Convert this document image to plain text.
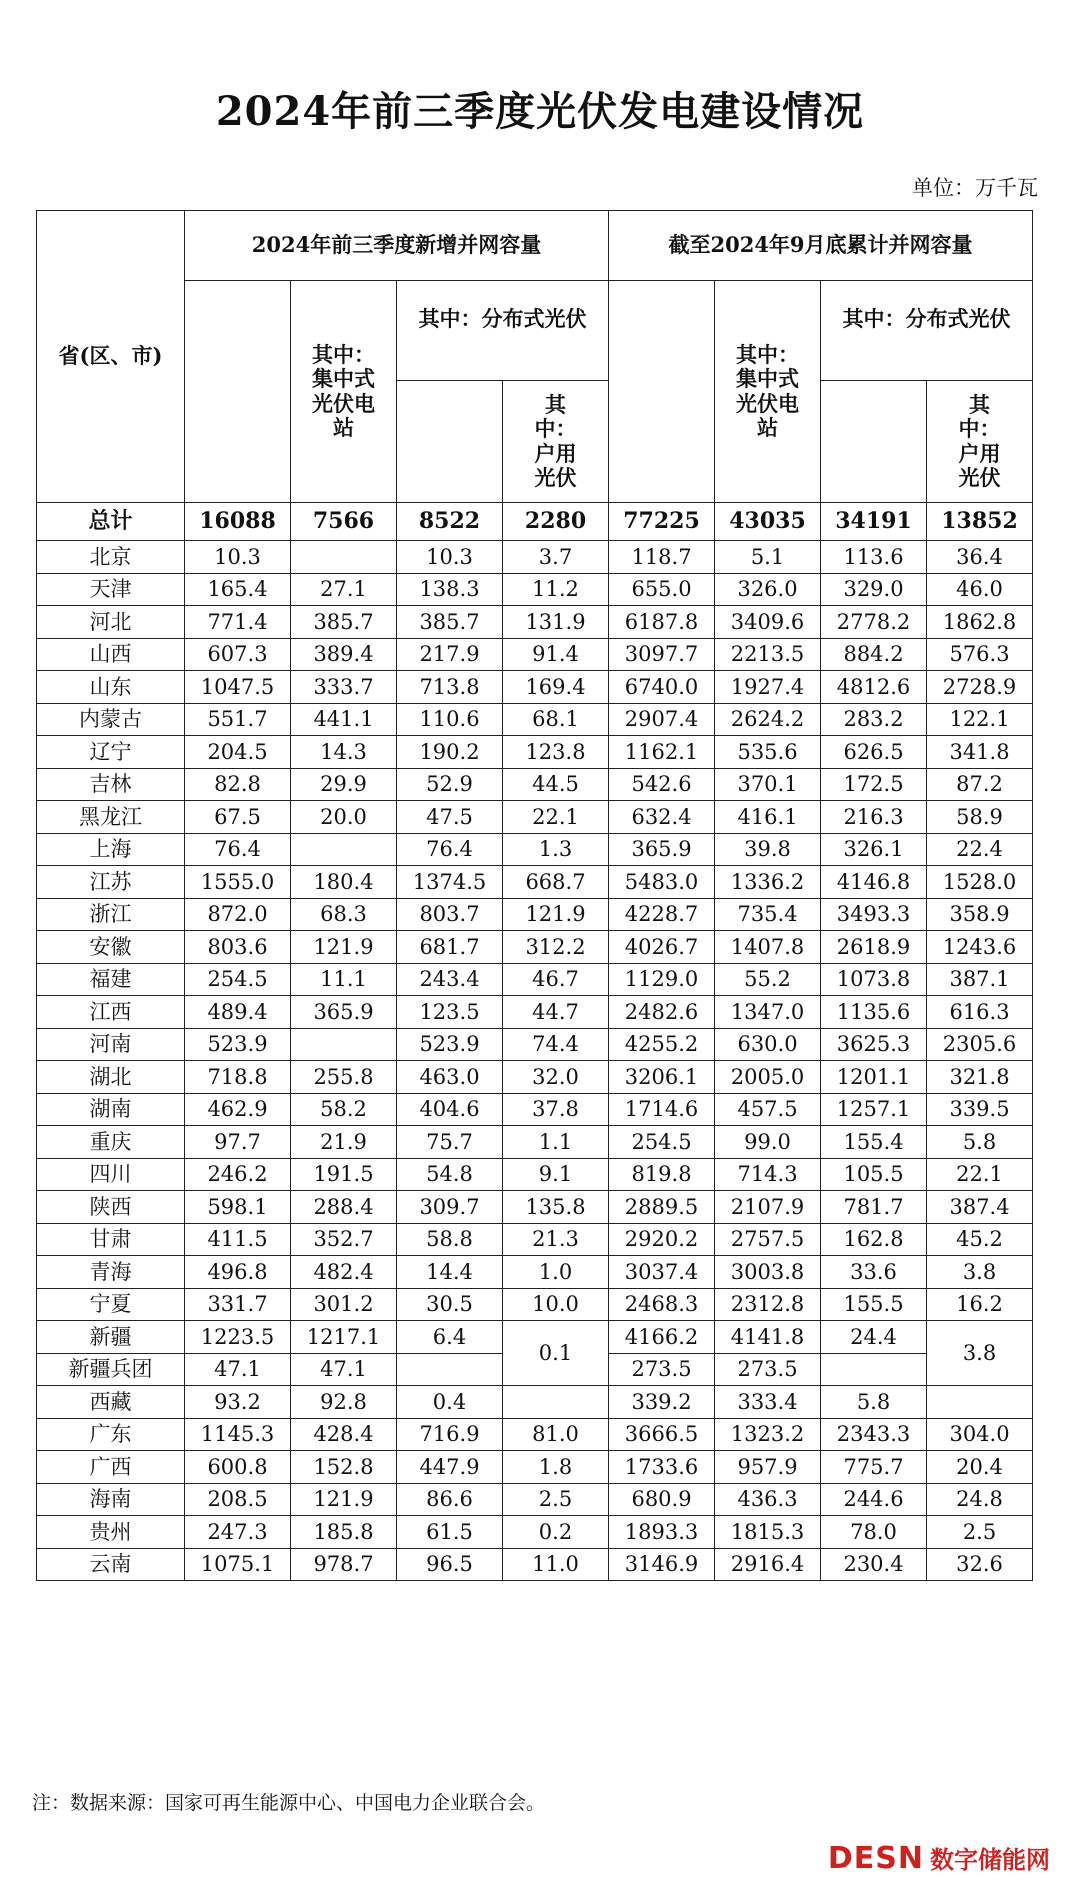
2024年前三季度光伏发电建设情况
单位：万千瓦
省(区、市)	2024年前三季度新增并网容量				截至2024年9月底累计并网容量			

		其中：集中式光伏电站	其中：分布式光伏			其中：集中式光伏电站	其中：分布式光伏	

				其中：户用光伏				其中：户用光伏

总计	16088	7566	8522	2280	77225	43035	34191	13852
北京	10.3		10.3	3.7	118.7	5.1	113.6	36.4
天津	165.4	27.1	138.3	11.2	655.0	326.0	329.0	46.0
河北	771.4	385.7	385.7	131.9	6187.8	3409.6	2778.2	1862.8
山西	607.3	389.4	217.9	91.4	3097.7	2213.5	884.2	576.3
山东	1047.5	333.7	713.8	169.4	6740.0	1927.4	4812.6	2728.9
内蒙古	551.7	441.1	110.6	68.1	2907.4	2624.2	283.2	122.1
辽宁	204.5	14.3	190.2	123.8	1162.1	535.6	626.5	341.8
吉林	82.8	29.9	52.9	44.5	542.6	370.1	172.5	87.2
黑龙江	67.5	20.0	47.5	22.1	632.4	416.1	216.3	58.9
上海	76.4		76.4	1.3	365.9	39.8	326.1	22.4
江苏	1555.0	180.4	1374.5	668.7	5483.0	1336.2	4146.8	1528.0
浙江	872.0	68.3	803.7	121.9	4228.7	735.4	3493.3	358.9
安徽	803.6	121.9	681.7	312.2	4026.7	1407.8	2618.9	1243.6
福建	254.5	11.1	243.4	46.7	1129.0	55.2	1073.8	387.1
江西	489.4	365.9	123.5	44.7	2482.6	1347.0	1135.6	616.3
河南	523.9		523.9	74.4	4255.2	630.0	3625.3	2305.6
湖北	718.8	255.8	463.0	32.0	3206.1	2005.0	1201.1	321.8
湖南	462.9	58.2	404.6	37.8	1714.6	457.5	1257.1	339.5
重庆	97.7	21.9	75.7	1.1	254.5	99.0	155.4	5.8
四川	246.2	191.5	54.8	9.1	819.8	714.3	105.5	22.1
陕西	598.1	288.4	309.7	135.8	2889.5	2107.9	781.7	387.4
甘肃	411.5	352.7	58.8	21.3	2920.2	2757.5	162.8	45.2
青海	496.8	482.4	14.4	1.0	3037.4	3003.8	33.6	3.8
宁夏	331.7	301.2	30.5	10.0	2468.3	2312.8	155.5	16.2
新疆	1223.5	1217.1	6.4	0.1	4166.2	4141.8	24.4	3.8
新疆兵团	47.1	47.1			273.5	273.5		
西藏	93.2	92.8	0.4		339.2	333.4	5.8	
广东	1145.3	428.4	716.9	81.0	3666.5	1323.2	2343.3	304.0
广西	600.8	152.8	447.9	1.8	1733.6	957.9	775.7	20.4
海南	208.5	121.9	86.6	2.5	680.9	436.3	244.6	24.8
贵州	247.3	185.8	61.5	0.2	1893.3	1815.3	78.0	2.5
云南	1075.1	978.7	96.5	11.0	3146.9	2916.4	230.4	32.6
注：数据来源：国家可再生能源中心、中国电力企业联合会。
DESN 数字储能网
